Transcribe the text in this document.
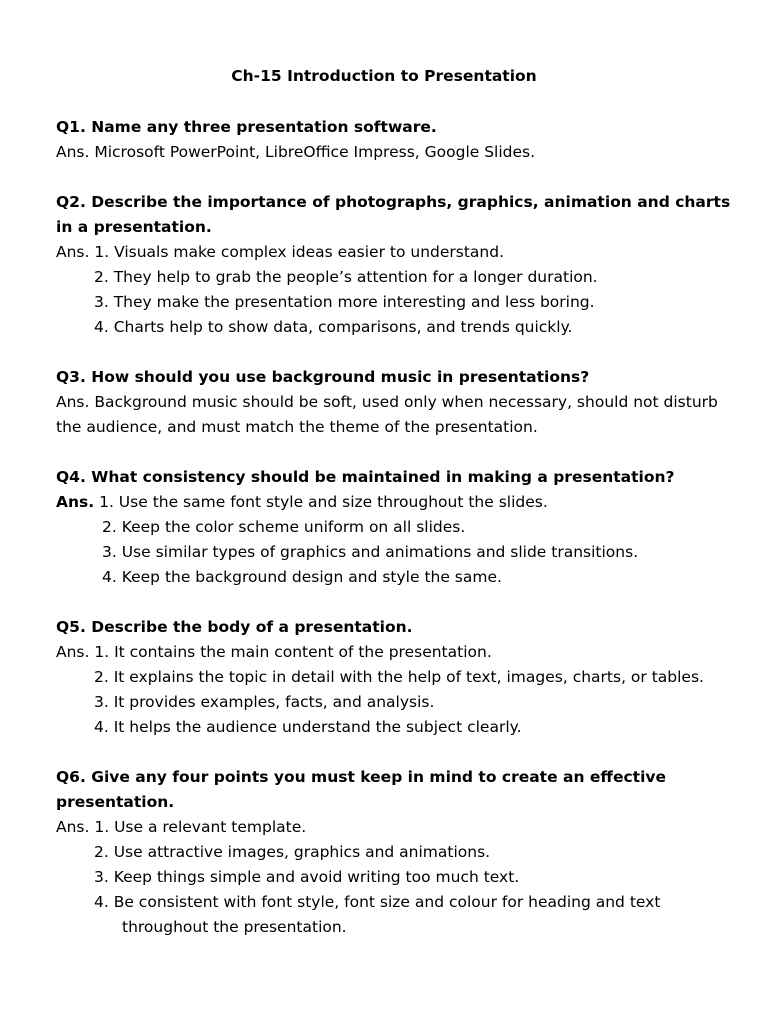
Ch-15 Introduction to Presentation

Q1. Name any three presentation software.

Ans. Microsoft PowerPoint, LibreOffice Impress, Google Slides.

Q2. Describe the importance of photographs, graphics, animation and charts in a presentation.

Ans. 1. Visuals make complex ideas easier to understand.

2. They help to grab the people’s attention for a longer duration.

3. They make the presentation more interesting and less boring.

4. Charts help to show data, comparisons, and trends quickly.

Q3. How should you use background music in presentations?

Ans. Background music should be soft, used only when necessary, should not disturb the audience, and must match the theme of the presentation.

Q4. What consistency should be maintained in making a presentation?

Ans. 1. Use the same font style and size throughout the slides.

2. Keep the color scheme uniform on all slides.

3. Use similar types of graphics and animations and slide transitions.

4. Keep the background design and style the same.

Q5. Describe the body of a presentation.

Ans. 1. It contains the main content of the presentation.

2. It explains the topic in detail with the help of text, images, charts, or tables.

3. It provides examples, facts, and analysis.

4. It helps the audience understand the subject clearly.

Q6. Give any four points you must keep in mind to create an effective presentation.

Ans. 1. Use a relevant template.

2. Use attractive images, graphics and animations.

3. Keep things simple and avoid writing too much text.

4. Be consistent with font style, font size and colour for heading and text

throughout the presentation.
